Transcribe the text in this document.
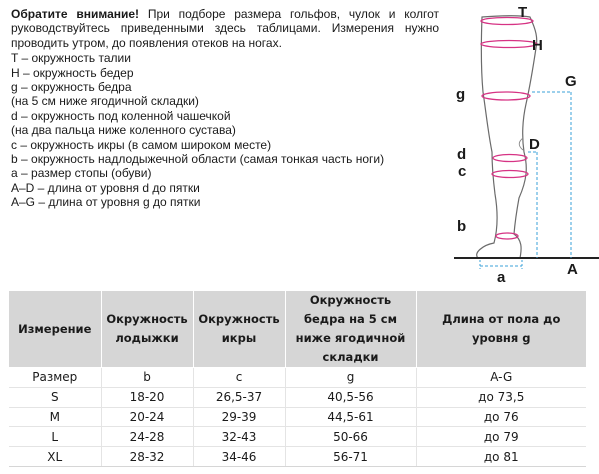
Обратите внимание! При подборе размера гольфов, чулок и колгот руководствуйтесь приведенными здесь таблицами. Измерения нужно проводить утром, до появления отеков на ногах.

T – окружность талии
H – окружность бедер
g – окружность бедра
(на 5 см ниже ягодичной складки)
d – окружность под коленной чашечкой
(на два пальца ниже коленного сустава)
c – окружность икры (в самом широком месте)
b – окружность надлодыжечной области (самая тонкая часть ноги)
a – размер стопы (обуви)
A–D – длина от уровня d до пятки
A–G – длина от уровня g до пятки
T
H
G
g
D
d
c
b
a	A
Измерение	Окружность лодыжки	Окружность икры	Окружность бедра на 5 см ниже ягодичной складки	Длина от пола до уровня g
Размер	b	c	g	A-G
S	18-20	26,5-37	40,5-56	до 73,5
M	20-24	29-39	44,5-61	до 76
L	24-28	32-43	50-66	до 79
XL	28-32	34-46	56-71	до 81
